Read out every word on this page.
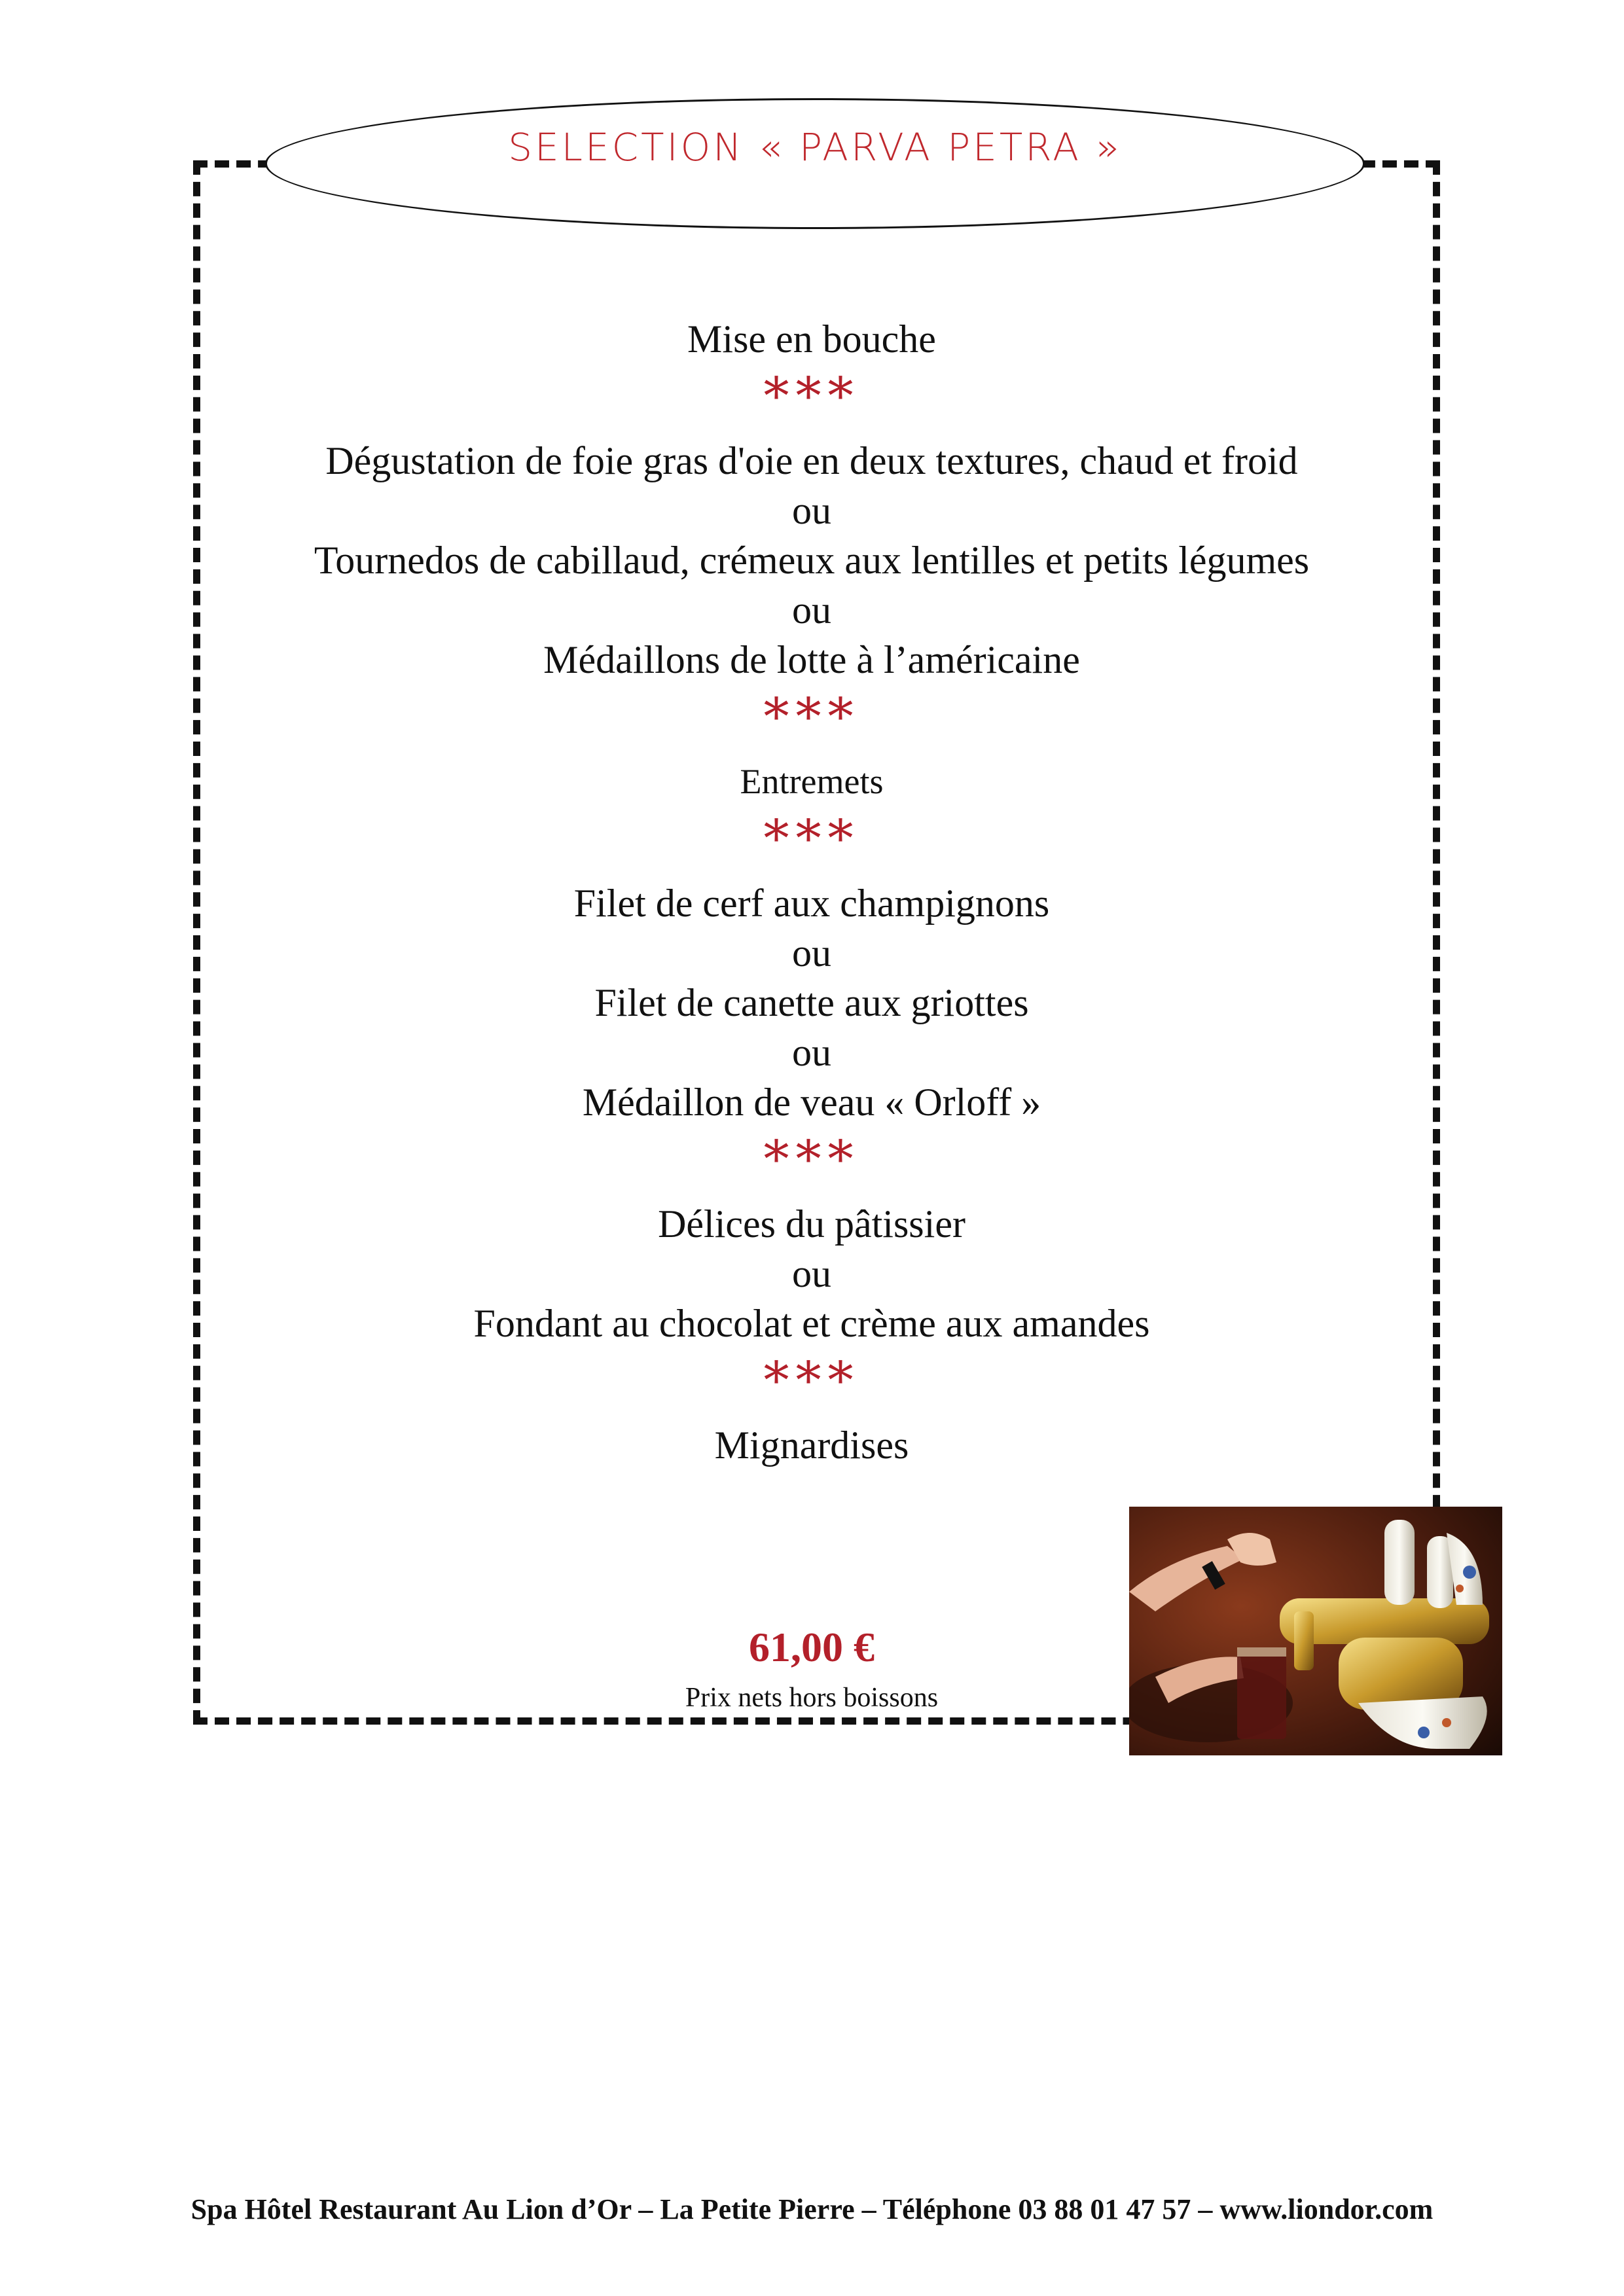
SELECTION « PARVA PETRA »

Mise en bouche

***

Dégustation de foie gras d'oie en deux textures, chaud et froid

ou

Tournedos de cabillaud, crémeux aux lentilles et petits légumes

ou

Médaillons de lotte à l’américaine

***

Entremets

***

Filet de cerf aux champignons

ou

Filet de canette aux griottes

ou

Médaillon de veau « Orloff »

***

Délices du pâtissier

ou

Fondant au chocolat et crème aux amandes

***

Mignardises

61,00 €
Prix nets hors boissons
Spa Hôtel Restaurant Au Lion d’Or – La Petite Pierre – Téléphone 03 88 01 47 57 – www.liondor.com
